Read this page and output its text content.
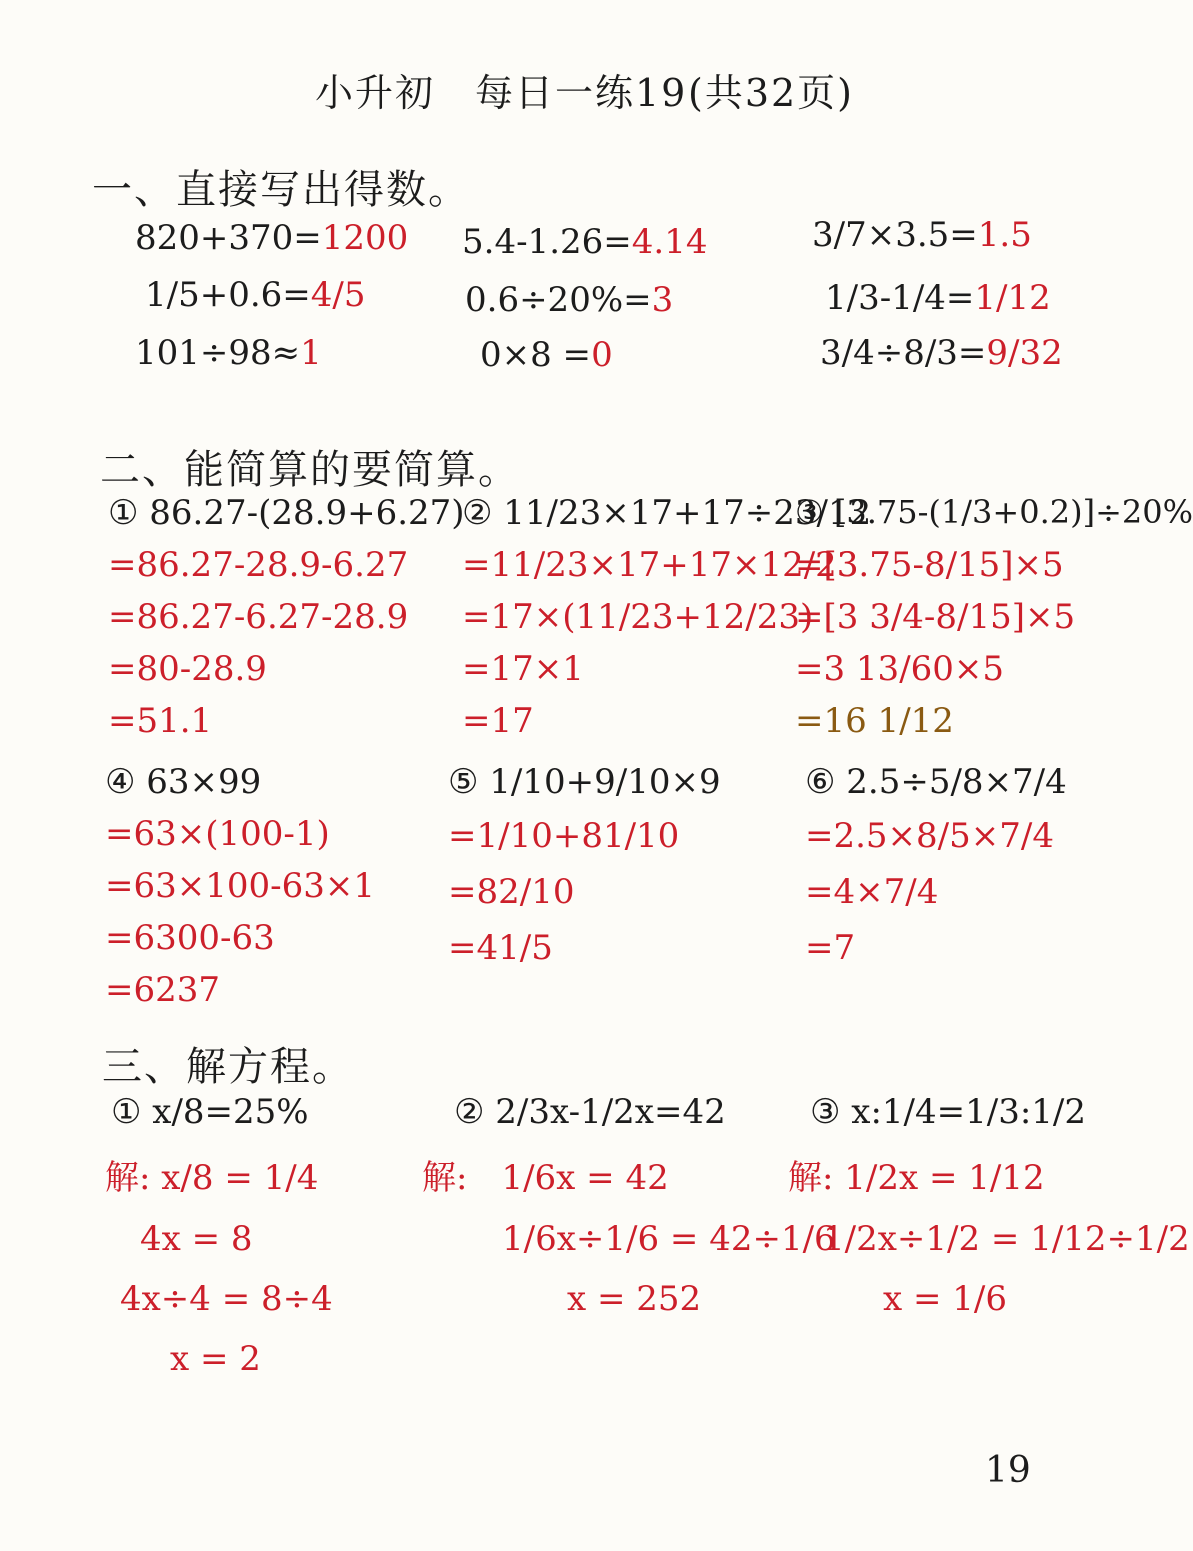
小升初　每日一练19 (共32页)
一、直接写出得数。
820+370=1200 5.4-1.26=4.14	3/7×3.5=1.5
1/5+0.6=4/5	0.6÷20%=3	1/3-1/4=1/12
101÷98≈1	0×8 =0	3/4÷8/3=9/32
二、能简算的要简算。
① 86.27-(28.9+6.27)
=86.27-28.9-6.27
=86.27-6.27-28.9
=80-28.9
=51.1
② 11/23×17+17÷23/12
=11/23×17+17×12/23
=17×(11/23+12/23)
=17×1
=17
③ [3.75-(1/3+0.2)]÷20%
=[3.75-8/15]×5
=[3 3/4-8/15]×5
=3 13/60×5
=16 1/12
④ 63×99
=63×(100-1)
=63×100-63×1
=6300-63
=6237
⑤ 1/10+9/10×9
=1/10+81/10
=82/10
=41/5
⑥ 2.5÷5/8×7/4
=2.5×8/5×7/4
=4×7/4
=7
三、解方程。
① x/8=25%
解: x/8 = 1/4
4x = 8
4x÷4 = 8÷4
x = 2
② 2/3x-1/2x=42
解:　1/6x = 42
1/6x÷1/6 = 42÷1/6
x = 252
③ x:1/4=1/3:1/2
解: 1/2x = 1/12
1/2x÷1/2 = 1/12÷1/2
x = 1/6
19
